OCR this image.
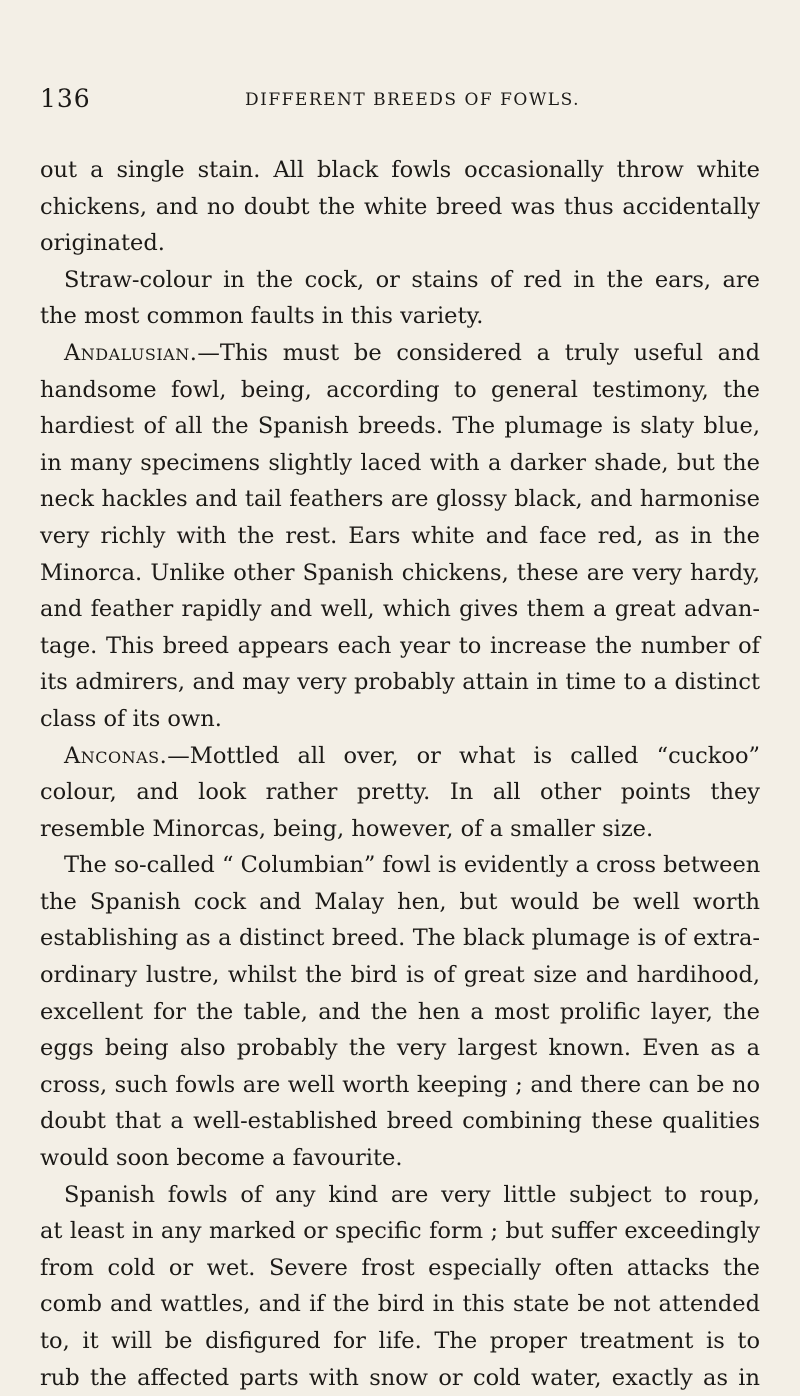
136	DIFFERENT BREEDS OF FOWLS.
out a single stain. All black fowls occasionally throw white
chickens, and no doubt the white breed was thus accidentally
originated.
Straw-colour in the cock, or stains of red in the ears, are
the most common faults in this variety.
Andalusian.—This must be considered a truly useful and
handsome fowl, being, according to general testimony, the
hardiest of all the Spanish breeds. The plumage is slaty blue,
in many specimens slightly laced with a darker shade, but the
neck hackles and tail feathers are glossy black, and harmonise
very richly with the rest. Ears white and face red, as in the
Minorca. Unlike other Spanish chickens, these are very hardy,
and feather rapidly and well, which gives them a great advan-
tage. This breed appears each year to increase the number of
its admirers, and may very probably attain in time to a distinct
class of its own.
Anconas.—Mottled all over, or what is called “cuckoo”
colour, and look rather pretty. In all other points they
resemble Minorcas, being, however, of a smaller size.
The so-called “ Columbian” fowl is evidently a cross between
the Spanish cock and Malay hen, but would be well worth
establishing as a distinct breed. The black plumage is of extra-
ordinary lustre, whilst the bird is of great size and hardihood,
excellent for the table, and the hen a most prolific layer, the
eggs being also probably the very largest known. Even as a
cross, such fowls are well worth keeping ; and there can be no
doubt that a well-established breed combining these qualities
would soon become a favourite.
Spanish fowls of any kind are very little subject to roup,
at least in any marked or specific form ; but suffer exceedingly
from cold or wet. Severe frost especially often attacks the
comb and wattles, and if the bird in this state be not attended
to, it will be disfigured for life. The proper treatment is to
rub the affected parts with snow or cold water, exactly as in
